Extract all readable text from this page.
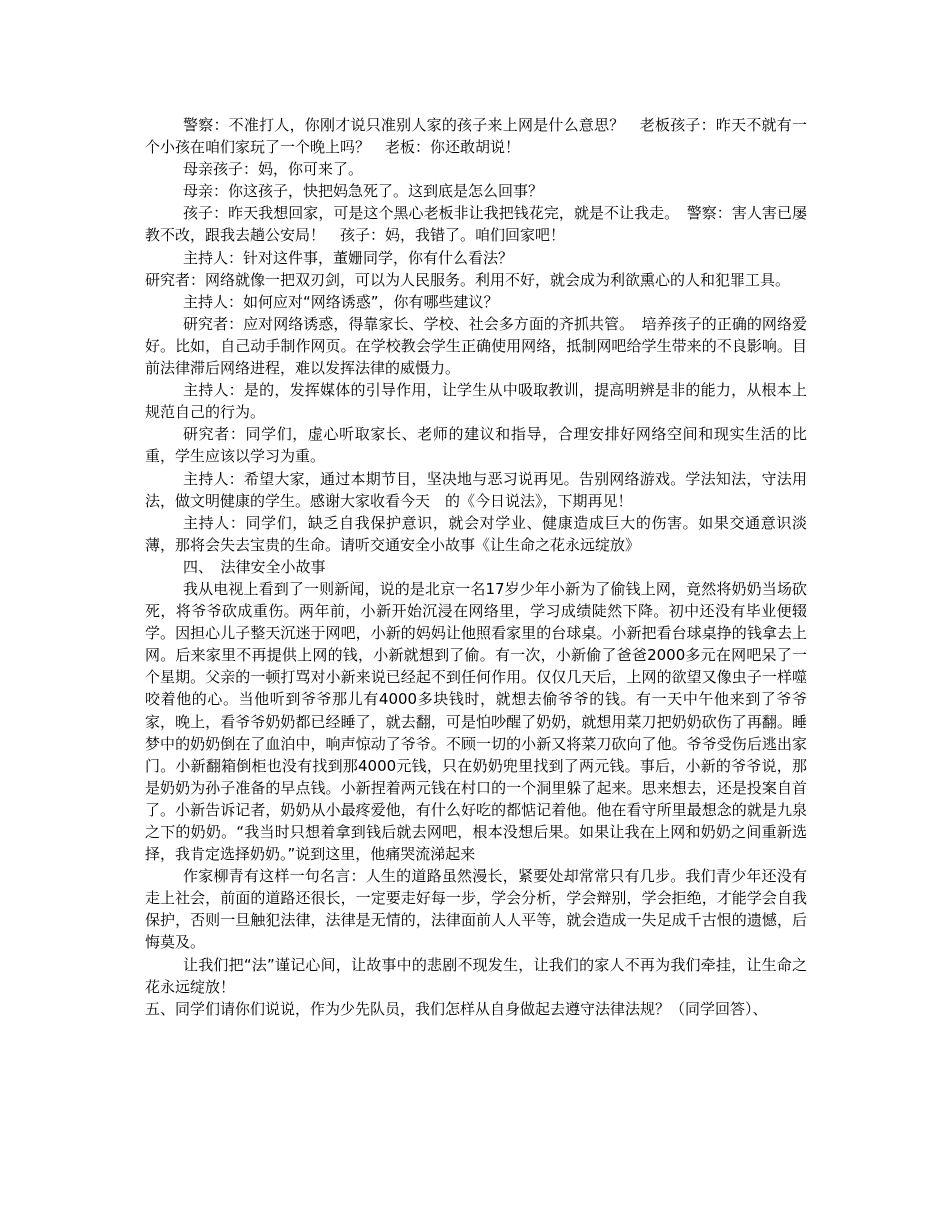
警察：不准打人，你刚才说只准别人家的孩子来上网是什么意思？　老板孩子：昨天不就有一个小孩在咱们家玩了一个晚上吗？　老板：你还敢胡说！

母亲孩子：妈，你可来了。

母亲：你这孩子，快把妈急死了。这到底是怎么回事？

孩子：昨天我想回家，可是这个黑心老板非让我把钱花完，就是不让我走。　警察：害人害已屡教不改，跟我去趟公安局！　孩子：妈，我错了。咱们回家吧！

主持人：针对这件事，董姗同学，你有什么看法？

研究者：网络就像一把双刃剑，可以为人民服务。利用不好，就会成为利欲熏心的人和犯罪工具。

主持人：如何应对“网络诱惑”，你有哪些建议？

研究者：应对网络诱惑，得靠家长、学校、社会多方面的齐抓共管。　培养孩子的正确的网络爱好。比如，自己动手制作网页。在学校教会学生正确使用网络，抵制网吧给学生带来的不良影响。目前法律滞后网络进程，难以发挥法律的威慑力。

主持人：是的，发挥媒体的引导作用，让学生从中吸取教训，提高明辨是非的能力，从根本上规范自己的行为。

研究者：同学们，虚心听取家长、老师的建议和指导，合理安排好网络空间和现实生活的比重，学生应该以学习为重。

主持人：希望大家，通过本期节目，坚决地与恶习说再见。告别网络游戏。学法知法，守法用法，做文明健康的学生。感谢大家收看今天　的《今日说法》，下期再见！

主持人：同学们，缺乏自我保护意识，就会对学业、健康造成巨大的伤害。如果交通意识淡薄，那将会失去宝贵的生命。请听交通安全小故事《让生命之花永远绽放》

四、　法律安全小故事

我从电视上看到了一则新闻，说的是北京一名17岁少年小新为了偷钱上网，竟然将奶奶当场砍死，将爷爷砍成重伤。两年前，小新开始沉浸在网络里，学习成绩陡然下降。初中还没有毕业便辍学。因担心儿子整天沉迷于网吧，小新的妈妈让他照看家里的台球桌。小新把看台球桌挣的钱拿去上网。后来家里不再提供上网的钱，小新就想到了偷。有一次，小新偷了爸爸2000多元在网吧呆了一个星期。父亲的一顿打骂对小新来说已经起不到任何作用。仅仅几天后，上网的欲望又像虫子一样噬咬着他的心。当他听到爷爷那儿有4000多块钱时，就想去偷爷爷的钱。有一天中午他来到了爷爷家，晚上，看爷爷奶奶都已经睡了，就去翻，可是怕吵醒了奶奶，就想用菜刀把奶奶砍伤了再翻。睡梦中的奶奶倒在了血泊中，响声惊动了爷爷。不顾一切的小新又将菜刀砍向了他。爷爷受伤后逃出家门。小新翻箱倒柜也没有找到那4000元钱，只在奶奶兜里找到了两元钱。事后，小新的爷爷说，那是奶奶为孙子准备的早点钱。小新捏着两元钱在村口的一个洞里躲了起来。思来想去，还是投案自首了。小新告诉记者，奶奶从小最疼爱他，有什么好吃的都惦记着他。他在看守所里最想念的就是九泉之下的奶奶。“我当时只想着拿到钱后就去网吧，根本没想后果。如果让我在上网和奶奶之间重新选择，我肯定选择奶奶。”说到这里，他痛哭流涕起来

作家柳青有这样一句名言：人生的道路虽然漫长，紧要处却常常只有几步。我们青少年还没有走上社会，前面的道路还很长，一定要走好每一步，学会分析，学会辩别，学会拒绝，才能学会自我保护，否则一旦触犯法律，法律是无情的，法律面前人人平等，就会造成一失足成千古恨的遗憾，后悔莫及。

让我们把“法”谨记心间，让故事中的悲剧不现发生，让我们的家人不再为我们牵挂，让生命之花永远绽放！

五、同学们请你们说说，作为少先队员，我们怎样从自身做起去遵守法律法规？（同学回答）、
